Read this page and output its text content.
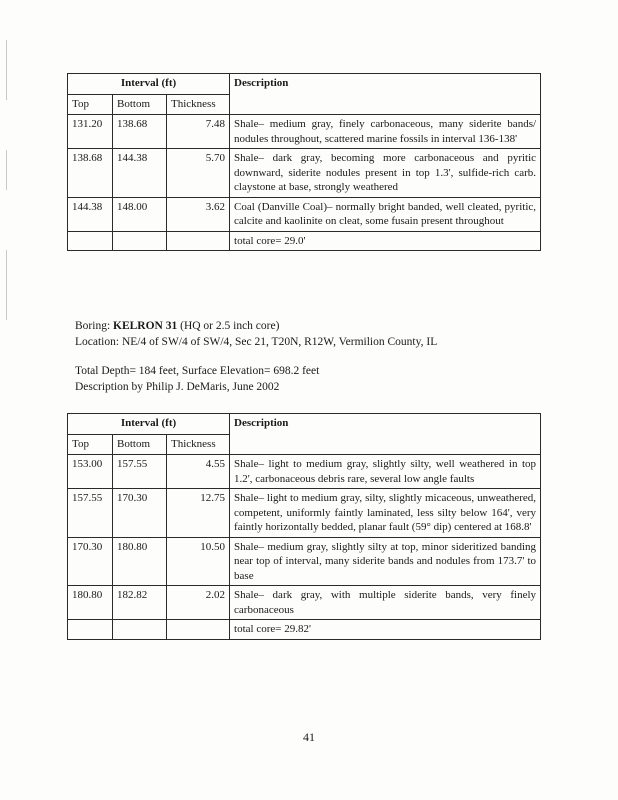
Interval (ft)			Description
Top	Bottom	Thickness	
131.20	138.68	7.48	Shale– medium gray, finely carbonaceous, many siderite bands/ nodules throughout, scattered marine fossils in interval 136-138'
138.68	144.38	5.70	Shale– dark gray, becoming more carbonaceous and pyritic downward, siderite nodules present in top 1.3', sulfide-rich carb. claystone at base, strongly weathered
144.38	148.00	3.62	Coal (Danville Coal)– normally bright banded, well cleated, pyritic, calcite and kaolinite on cleat, some fusain present throughout
			total core= 29.0'
Boring: KELRON 31 (HQ or 2.5 inch core)
Location: NE/4 of SW/4 of SW/4, Sec 21, T20N, R12W, Vermilion County, IL
Total Depth= 184 feet, Surface Elevation= 698.2 feet
Description by Philip J. DeMaris, June 2002
Interval (ft)			Description
Top	Bottom	Thickness	
153.00	157.55	4.55	Shale– light to medium gray, slightly silty, well weathered in top 1.2', carbonaceous debris rare, several low angle faults
157.55	170.30	12.75	Shale– light to medium gray, silty, slightly micaceous, unweathered, competent, uniformly faintly laminated, less silty below 164', very faintly horizontally bedded, planar fault (59° dip) centered at 168.8'
170.30	180.80	10.50	Shale– medium gray, slightly silty at top, minor sideritized banding near top of interval, many siderite bands and nodules from 173.7' to base
180.80	182.82	2.02	Shale– dark gray, with multiple siderite bands, very finely carbonaceous
			total core= 29.82'
41
